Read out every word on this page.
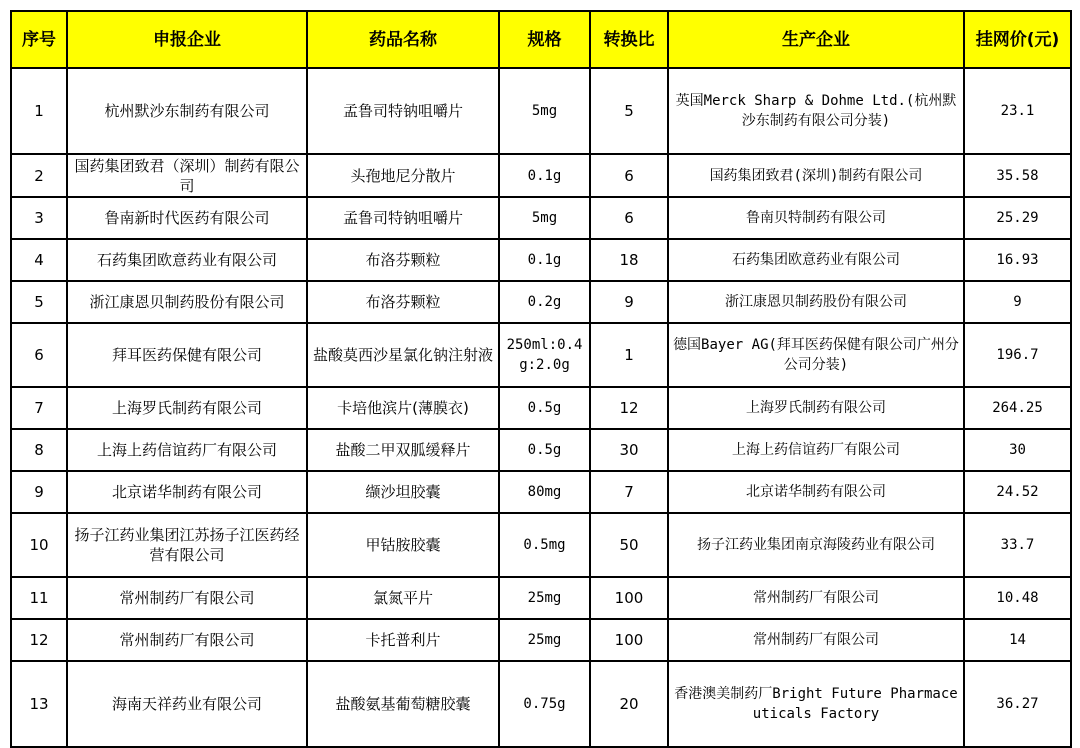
序号	申报企业	药品名称	规格	转换比	生产企业	挂网价(元)
1	杭州默沙东制药有限公司	孟鲁司特钠咀嚼片	5mg	5	英国Merck Sharp & Dohme Ltd.(杭州默沙东制药有限公司分装)	23.1
2	国药集团致君（深圳）制药有限公司	头孢地尼分散片	0.1g	6	国药集团致君(深圳)制药有限公司	35.58
3	鲁南新时代医药有限公司	孟鲁司特钠咀嚼片	5mg	6	鲁南贝特制药有限公司	25.29
4	石药集团欧意药业有限公司	布洛芬颗粒	0.1g	18	石药集团欧意药业有限公司	16.93
5	浙江康恩贝制药股份有限公司	布洛芬颗粒	0.2g	9	浙江康恩贝制药股份有限公司	9
6	拜耳医药保健有限公司	盐酸莫西沙星氯化钠注射液	250ml:0.4g:2.0g	1	德国Bayer AG(拜耳医药保健有限公司广州分公司分装)	196.7
7	上海罗氏制药有限公司	卡培他滨片(薄膜衣)	0.5g	12	上海罗氏制药有限公司	264.25
8	上海上药信谊药厂有限公司	盐酸二甲双胍缓释片	0.5g	30	上海上药信谊药厂有限公司	30
9	北京诺华制药有限公司	缬沙坦胶囊	80mg	7	北京诺华制药有限公司	24.52
10	扬子江药业集团江苏扬子江医药经营有限公司	甲钴胺胶囊	0.5mg	50	扬子江药业集团南京海陵药业有限公司	33.7
11	常州制药厂有限公司	氯氮平片	25mg	100	常州制药厂有限公司	10.48
12	常州制药厂有限公司	卡托普利片	25mg	100	常州制药厂有限公司	14
13	海南天祥药业有限公司	盐酸氨基葡萄糖胶囊	0.75g	20	香港澳美制药厂Bright Future Pharmaceuticals Factory	36.27
